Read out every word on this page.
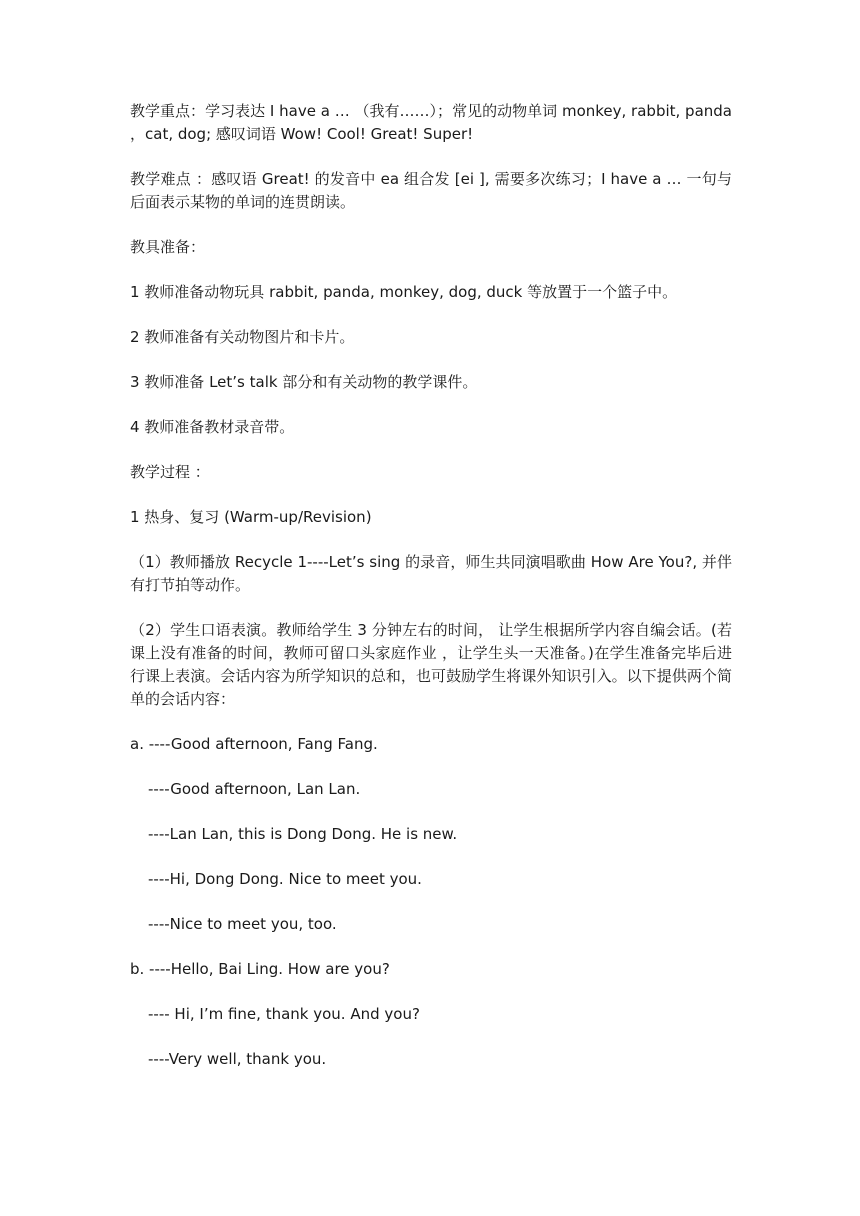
教学重点：学习表达 I have a … （我有……）；常见的动物单词 monkey, rabbit, panda ，cat, dog; 感叹词语 Wow! Cool! Great! Super!

教学难点 ：感叹语 Great! 的发音中 ea 组合发 [ei ], 需要多次练习；I have a … 一句与后面表示某物的单词的连贯朗读。

教具准备：

1 教师准备动物玩具 rabbit, panda, monkey, dog, duck 等放置于一个篮子中。

2 教师准备有关动物图片和卡片。

3 教师准备 Let’s talk 部分和有关动物的教学课件。

4 教师准备教材录音带。

教学过程 ：

1 热身、复习 (Warm-up/Revision)

（1）教师播放 Recycle 1----Let’s sing 的录音，师生共同演唱歌曲 How Are You?, 并伴有打节拍等动作。

（2）学生口语表演。教师给学生 3 分钟左右的时间， 让学生根据所学内容自编会话。(若课上没有准备的时间，教师可留口头家庭作业 ，让学生头一天准备。)在学生准备完毕后进行课上表演。会话内容为所学知识的总和，也可鼓励学生将课外知识引入。以下提供两个简单的会话内容：

a. ----Good afternoon, Fang Fang.

----Good afternoon, Lan Lan.

----Lan Lan, this is Dong Dong. He is new.

----Hi, Dong Dong. Nice to meet you.

----Nice to meet you, too.

b. ----Hello, Bai Ling. How are you?

---- Hi, I’m fine, thank you. And you?

----Very well, thank you.
